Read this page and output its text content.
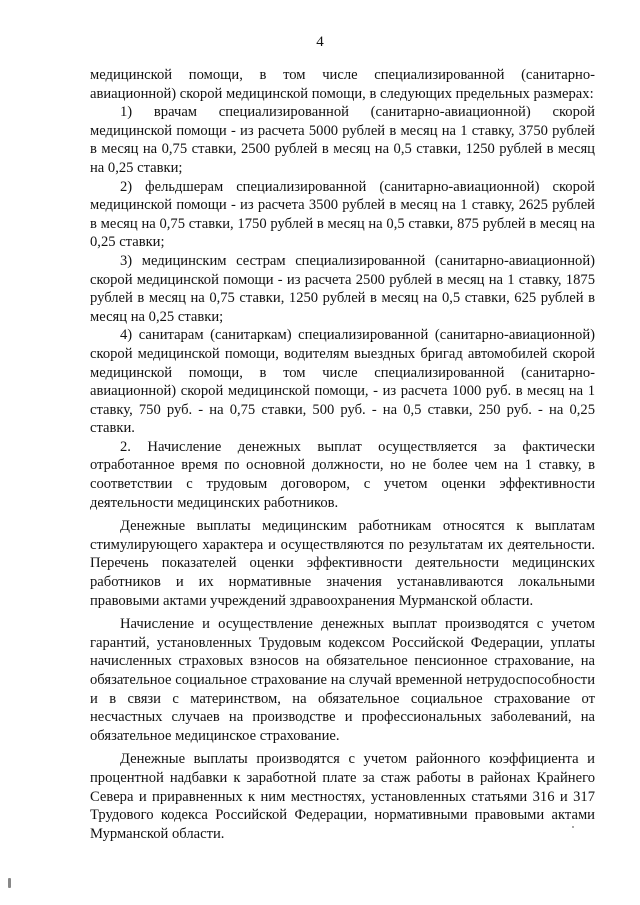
4

медицинской помощи, в том числе специализированной (санитарно-авиационной) скорой медицинской помощи, в следующих предельных размерах:

1) врачам специализированной (санитарно-авиационной) скорой медицинской помощи - из расчета 5000 рублей в месяц на 1 ставку, 3750 рублей в месяц на 0,75 ставки, 2500 рублей в месяц на 0,5 ставки, 1250 рублей в месяц на 0,25 ставки;

2) фельдшерам специализированной (санитарно-авиационной) скорой медицинской помощи - из расчета 3500 рублей в месяц на 1 ставку, 2625 рублей в месяц на 0,75 ставки, 1750 рублей в месяц на 0,5 ставки, 875 рублей в месяц на 0,25 ставки;

3) медицинским сестрам специализированной (санитарно-авиационной) скорой медицинской помощи - из расчета 2500 рублей в месяц на 1 ставку, 1875 рублей в месяц на 0,75 ставки, 1250 рублей в месяц на 0,5 ставки, 625 рублей в месяц на 0,25 ставки;

4) санитарам (санитаркам) специализированной (санитарно-авиационной) скорой медицинской помощи, водителям выездных бригад автомобилей скорой медицинской помощи, в том числе специализированной (санитарно-авиационной) скорой медицинской помощи, - из расчета 1000 руб. в месяц на 1 ставку, 750 руб. - на 0,75 ставки, 500 руб. - на 0,5 ставки, 250 руб. - на 0,25 ставки.

2. Начисление денежных выплат осуществляется за фактически отработанное время по основной должности, но не более чем на 1 ставку, в соответствии с трудовым договором, с учетом оценки эффективности деятельности медицинских работников.

Денежные выплаты медицинским работникам относятся к выплатам стимулирующего характера и осуществляются по результатам их деятельности. Перечень показателей оценки эффективности деятельности медицинских работников и их нормативные значения устанавливаются локальными правовыми актами учреждений здравоохранения Мурманской области.

Начисление и осуществление денежных выплат производятся с учетом гарантий, установленных Трудовым кодексом Российской Федерации, уплаты начисленных страховых взносов на обязательное пенсионное страхование, на обязательное социальное страхование на случай временной нетрудоспособности и в связи с материнством, на обязательное социальное страхование от несчастных случаев на производстве и профессиональных заболеваний, на обязательное медицинское страхование.

Денежные выплаты производятся с учетом районного коэффициента и процентной надбавки к заработной плате за стаж работы в районах Крайнего Севера и приравненных к ним местностях, установленных статьями 316 и 317 Трудового кодекса Российской Федерации, нормативными правовыми актами Мурманской области.
